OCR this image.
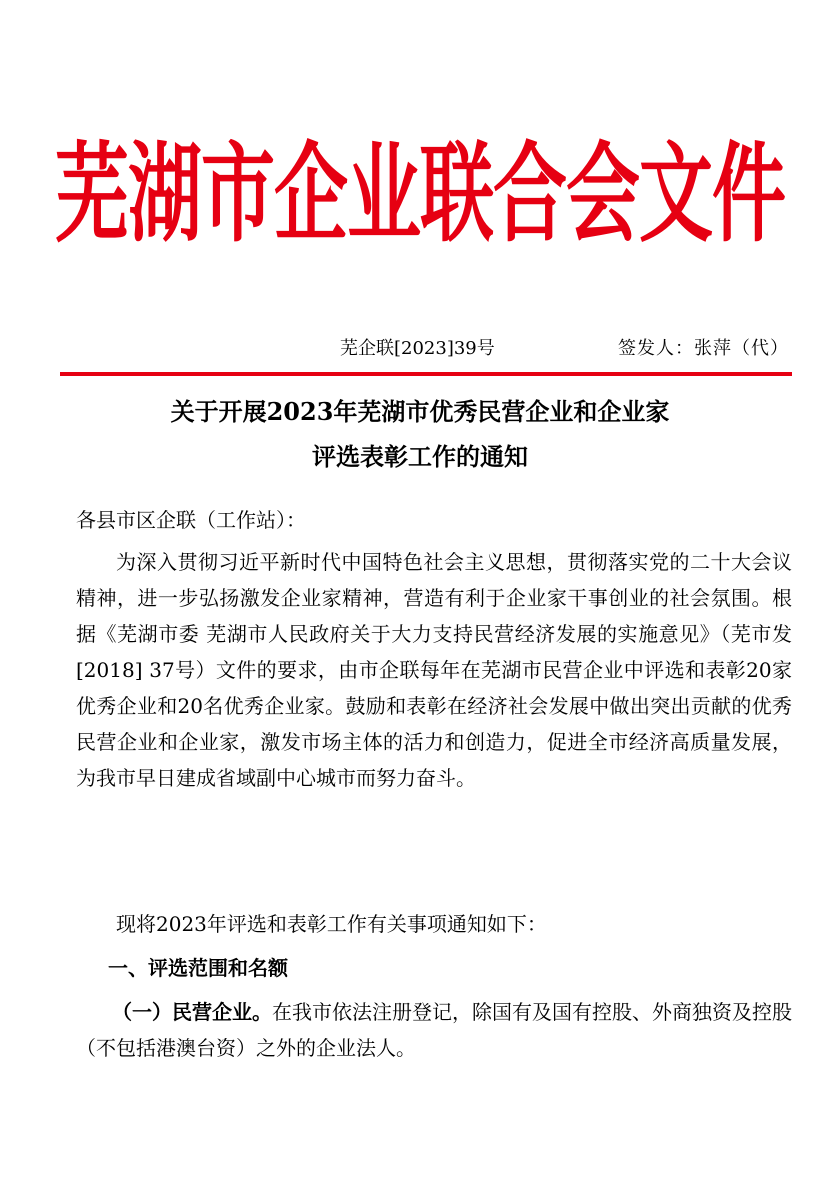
芜湖市企业联合会文件
芜企联[2023]39号	签发人：张萍（代）
关于开展2023年芜湖市优秀民营企业和企业家
评选表彰工作的通知
各县市区企联（工作站）：
为深入贯彻习近平新时代中国特色社会主义思想，贯彻落实党的二十大会议精神，进一步弘扬激发企业家精神，营造有利于企业家干事创业的社会氛围。根据《芜湖市委 芜湖市人民政府关于大力支持民营经济发展的实施意见》（芜市发[2018] 37号）文件的要求，由市企联每年在芜湖市民营企业中评选和表彰20家优秀企业和20名优秀企业家。鼓励和表彰在经济社会发展中做出突出贡献的优秀民营企业和企业家，激发市场主体的活力和创造力，促进全市经济高质量发展，为我市早日建成省域副中心城市而努力奋斗。
现将2023年评选和表彰工作有关事项通知如下：
一、评选范围和名额
（一）民营企业。在我市依法注册登记，除国有及国有控股、外商独资及控股（不包括港澳台资）之外的企业法人。
